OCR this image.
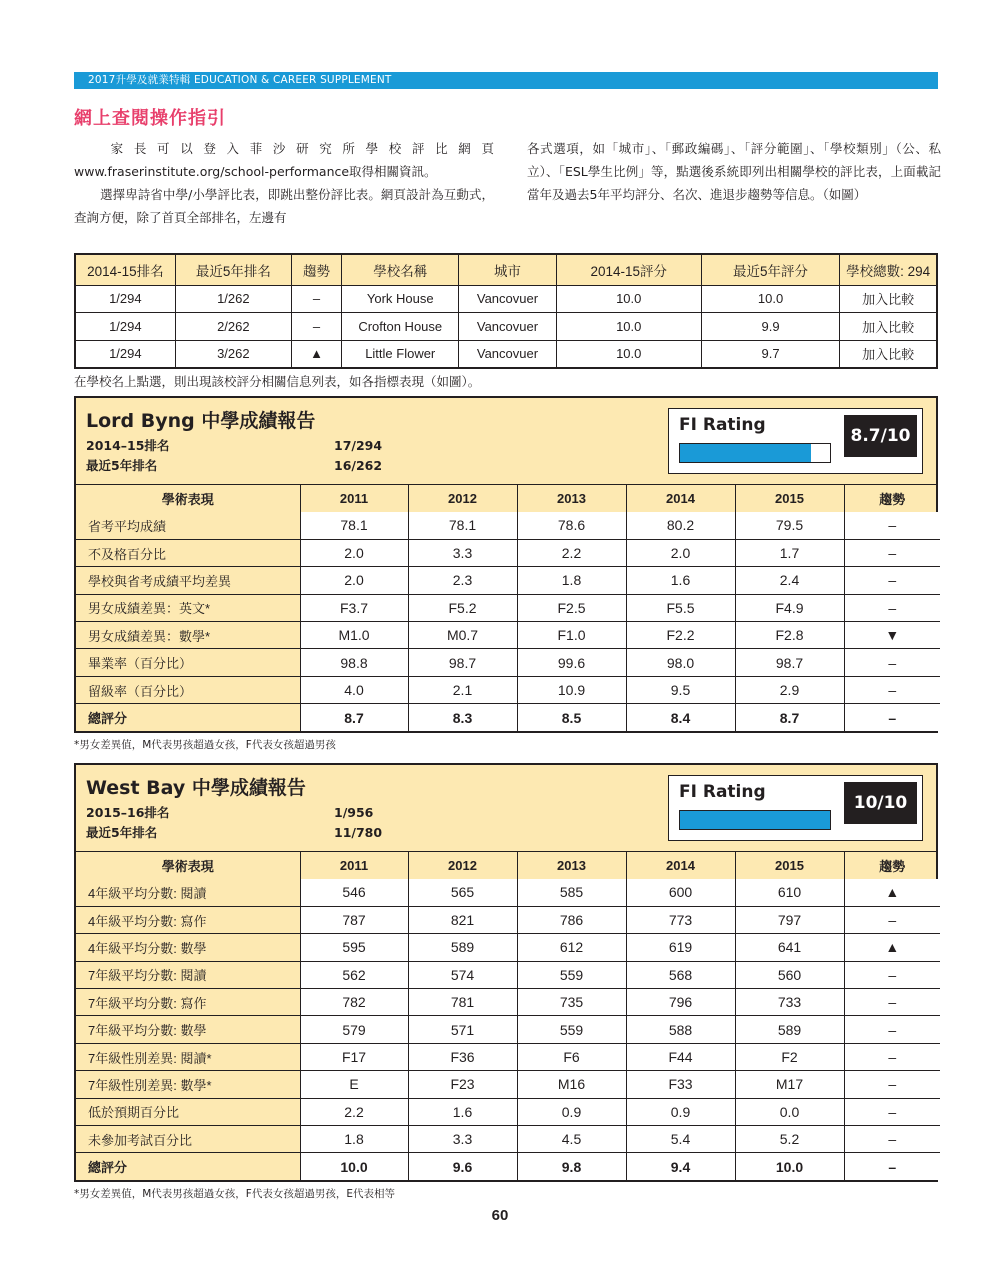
2017升學及就業特輯 EDUCATION & CAREER SUPPLEMENT
網上查閱操作指引

家長可以登入菲沙研究所學校評比網頁www.fraserinstitute.org/school-performance取得相關資訊。

選擇卑詩省中學/小學評比表，即跳出整份評比表。網頁設計為互動式，查詢方便，除了首頁全部排名，左邊有

各式選項，如「城市」、「郵政編碼」、「評分範圍」、「學校類別」（公、私立）、「ESL學生比例」等，點選後系統即列出相關學校的評比表，上面載記當年及過去5年平均評分、名次、進退步趨勢等信息。（如圖）

2014-15排名	最近5年排名	趨勢	學校名稱	城市	2014-15評分	最近5年評分	學校總數: 294
1/294	1/262	–	York House	Vancovuer	10.0	10.0	加入比較
1/294	2/262	–	Crofton House	Vancovuer	10.0	9.9	加入比較
1/294	3/262	▲	Little Flower	Vancovuer	10.0	9.7	加入比較
在學校名上點選，則出現該校評分相關信息列表，如各指標表現（如圖）。
Lord Byng 中學成績報告
2014–15排名	17/294
最近5年排名	16/262
FI Rating
8.7/10
學術表現	2011	2012	2013	2014	2015	趨勢
省考平均成績	78.1	78.1	78.6	80.2	79.5	–
不及格百分比	2.0	3.3	2.2	2.0	1.7	–
學校與省考成績平均差異	2.0	2.3	1.8	1.6	2.4	–
男女成績差異：英文*	F3.7	F5.2	F2.5	F5.5	F4.9	–
男女成績差異：數學*	M1.0	M0.7	F1.0	F2.2	F2.8	▼
畢業率（百分比）	98.8	98.7	99.6	98.0	98.7	–
留級率（百分比）	4.0	2.1	10.9	9.5	2.9	–
總評分	8.7	8.3	8.5	8.4	8.7	–
*男女差異值，M代表男孩超過女孩，F代表女孩超過男孩
West Bay 中學成績報告
2015–16排名	1/956
最近5年排名	11/780
FI Rating
10/10
學術表現	2011	2012	2013	2014	2015	趨勢
4年級平均分數: 閱讀	546	565	585	600	610	▲
4年級平均分數: 寫作	787	821	786	773	797	–
4年級平均分數: 數學	595	589	612	619	641	▲
7年級平均分數: 閱讀	562	574	559	568	560	–
7年級平均分數: 寫作	782	781	735	796	733	–
7年級平均分數: 數學	579	571	559	588	589	–
7年級性別差異: 閱讀*	F17	F36	F6	F44	F2	–
7年級性別差異: 數學*	E	F23	M16	F33	M17	–
低於預期百分比	2.2	1.6	0.9	0.9	0.0	–
未參加考試百分比	1.8	3.3	4.5	5.4	5.2	–
總評分	10.0	9.6	9.8	9.4	10.0	–
*男女差異值，M代表男孩超過女孩，F代表女孩超過男孩，E代表相等
60
